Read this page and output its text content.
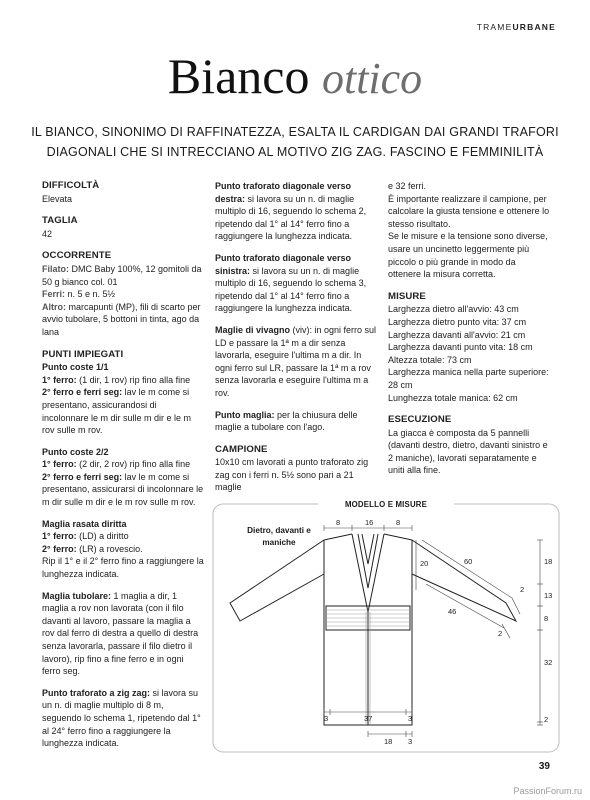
TRAMEURBANE
Bianco ottico
IL BIANCO, SINONIMO DI RAFFINATEZZA, ESALTA IL CARDIGAN DAI GRANDI TRAFORI DIAGONALI CHE SI INTRECCIANO AL MOTIVO ZIG ZAG. FASCINO E FEMMINILITÀ
DIFFICOLTÀ

Elevata

TAGLIA

42

OCCORRENTE

Filato: DMC Baby 100%, 12 gomitoli da 50 g bianco col. 01

Ferri: n. 5 e n. 5½

Altro: marcapunti (MP), fili di scarto per avvio tubolare, 5 bottoni in tinta, ago da lana

PUNTI IMPIEGATI
Punto coste 1/1

1° ferro: (1 dir, 1 rov) rip fino alla fine

2° ferro e ferri seg: lav le m come si presentano, assicurandosi di incolonnare le m dir sulle m dir e le m rov sulle m rov.

Punto coste 2/2

1° ferro: (2 dir, 2 rov) rip fino alla fine

2° ferro e ferri seg: lav le m come si presentano, assicurarsi di incolonnare le m dir sulle m dir e le m rov sulle m rov.

Maglia rasata diritta

1° ferro: (LD) a diritto

2° ferro: (LR) a rovescio.

Rip il 1° e il 2° ferro fino a raggiungere la lunghezza indicata.

Maglia tubolare: 1 maglia a dir, 1 maglia a rov non lavorata (con il filo davanti al lavoro, passare la maglia a rov dal ferro di destra a quello di destra senza lavorarla, passare il filo dietro il lavoro), rip fino a fine ferro e in ogni ferro seg.

Punto traforato a zig zag: si lavora su un n. di maglie multiplo di 8 m, seguendo lo schema 1, ripetendo dal 1° al 24° ferro fino a raggiungere la lunghezza indicata.

Punto traforato diagonale verso destra: si lavora su un n. di maglie multiplo di 16, seguendo lo schema 2, ripetendo dal 1° al 14° ferro fino a raggiungere la lunghezza indicata.

Punto traforato diagonale verso sinistra: si lavora su un n. di maglie multiplo di 16, seguendo lo schema 3, ripetendo dal 1° al 14° ferro fino a raggiungere la lunghezza indicata.

Maglie di vivagno (viv): in ogni ferro sul LD e passare la 1ª m a dir senza lavorarla, eseguire l'ultima m a dir. In ogni ferro sul LR, passare la 1ª m a rov senza lavorarla e eseguire l'ultima m a rov.

Punto maglia: per la chiusura delle maglie a tubolare con l'ago.

CAMPIONE

10x10 cm lavorati a punto traforato zig zag con i ferri n. 5½ sono pari a 21 maglie

e 32 ferri.

È importante realizzare il campione, per calcolare la giusta tensione e ottenere lo stesso risultato.

Se le misure e la tensione sono diverse, usare un uncinetto leggermente più piccolo o più grande in modo da ottenere la misura corretta.

MISURE

Larghezza dietro all'avvio: 43 cm

Larghezza dietro punto vita: 37 cm

Larghezza davanti all'avvio: 21 cm

Larghezza davanti punto vita: 18 cm

Altezza totale: 73 cm

Larghezza manica nella parte superiore: 28 cm

Lunghezza totale manica: 62 cm

ESECUZIONE

La giacca è composta da 5 pannelli (davanti destro, dietro, davanti sinistro e 2 maniche), lavorati separatamente e uniti alla fine.

MODELLO E MISURE
Dietro, davanti e maniche
8	16	8
20	60
46
2
2
18
13
8
32
2
3	37	3
18 3
39
PassionForum.ru
